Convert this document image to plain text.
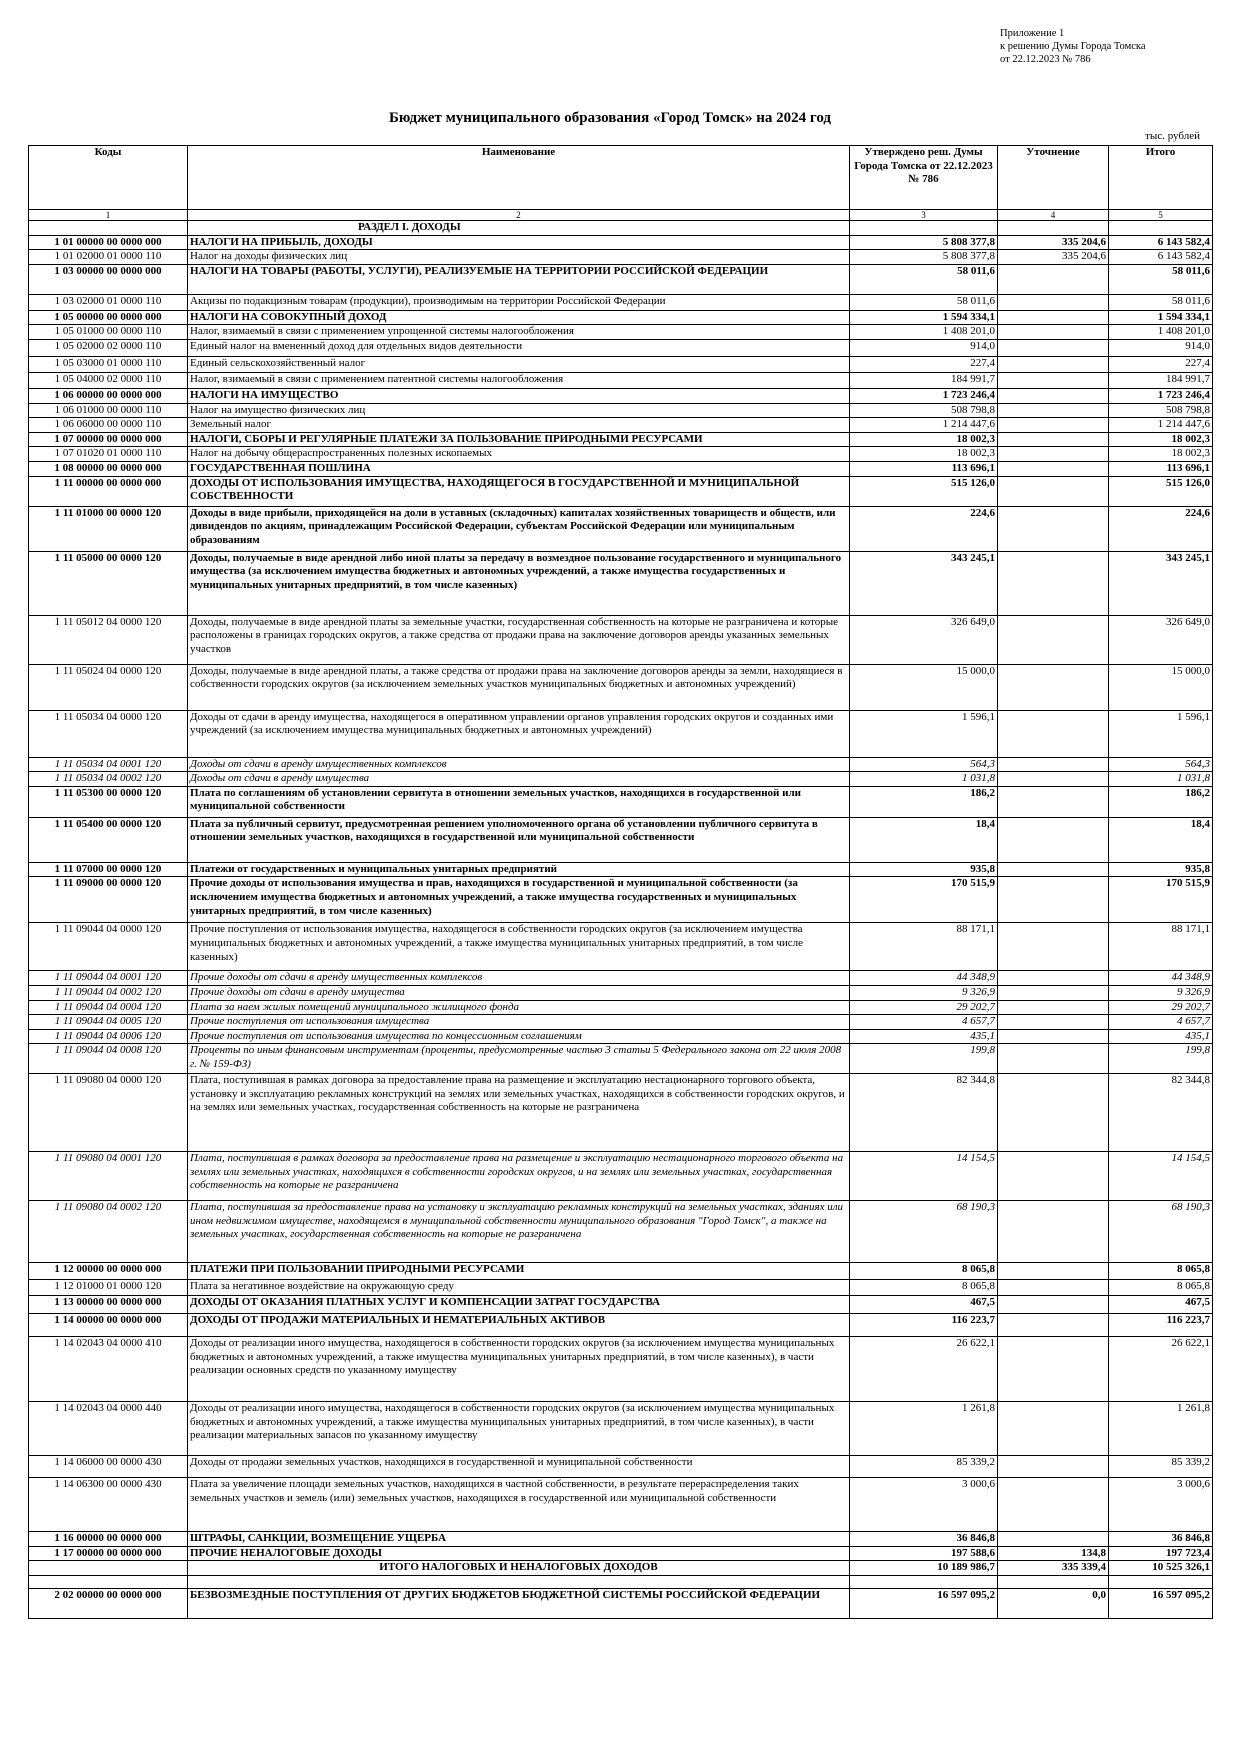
Приложение 1
к решению Думы Города Томска
от 22.12.2023 № 786
Бюджет муниципального образования «Город Томск» на 2024 год
тыс. рублей
Коды	Наименование	Утверждено реш. Думы Города Томска от 22.12.2023 № 786	Уточнение	Итого
1	2	3	4	5
	РАЗДЕЛ I. ДОХОДЫ			
1 01 00000 00 0000 000	НАЛОГИ НА ПРИБЫЛЬ, ДОХОДЫ	5 808 377,8	335 204,6	6 143 582,4
1 01 02000 01 0000 110	Налог на доходы физических лиц	5 808 377,8	335 204,6	6 143 582,4
1 03 00000 00 0000 000	НАЛОГИ НА ТОВАРЫ (РАБОТЫ, УСЛУГИ), РЕАЛИЗУЕМЫЕ НА ТЕРРИТОРИИ РОССИЙСКОЙ ФЕДЕРАЦИИ	58 011,6		58 011,6
1 03 02000 01 0000 110	Акцизы по подакцизным товарам (продукции), производимым на территории Российской Федерации	58 011,6		58 011,6
1 05 00000 00 0000 000	НАЛОГИ НА СОВОКУПНЫЙ ДОХОД	1 594 334,1		1 594 334,1
1 05 01000 00 0000 110	Налог, взимаемый в связи с применением упрощенной системы налогообложения	1 408 201,0		1 408 201,0
1 05 02000 02 0000 110	Единый налог на вмененный доход для отдельных видов деятельности	914,0		914,0
1 05 03000 01 0000 110	Единый сельскохозяйственный налог	227,4		227,4
1 05 04000 02 0000 110	Налог, взимаемый в связи с применением патентной системы налогообложения	184 991,7		184 991,7
1 06 00000 00 0000 000	НАЛОГИ НА ИМУЩЕСТВО	1 723 246,4		1 723 246,4
1 06 01000 00 0000 110	Налог на имущество физических лиц	508 798,8		508 798,8
1 06 06000 00 0000 110	Земельный налог	1 214 447,6		1 214 447,6
1 07 00000 00 0000 000	НАЛОГИ, СБОРЫ И РЕГУЛЯРНЫЕ ПЛАТЕЖИ ЗА ПОЛЬЗОВАНИЕ ПРИРОДНЫМИ РЕСУРСАМИ	18 002,3		18 002,3
1 07 01020 01 0000 110	Налог на добычу общераспространенных полезных ископаемых	18 002,3		18 002,3
1 08 00000 00 0000 000	ГОСУДАРСТВЕННАЯ ПОШЛИНА	113 696,1		113 696,1
1 11 00000 00 0000 000	ДОХОДЫ ОТ ИСПОЛЬЗОВАНИЯ ИМУЩЕСТВА, НАХОДЯЩЕГОСЯ В ГОСУДАРСТВЕННОЙ И МУНИЦИПАЛЬНОЙ СОБСТВЕННОСТИ	515 126,0		515 126,0
1 11 01000 00 0000 120	Доходы в виде прибыли, приходящейся на доли в уставных (складочных) капиталах хозяйственных товариществ и обществ, или дивидендов по акциям, принадлежащим Российской Федерации, субъектам Российской Федерации или муниципальным образованиям	224,6		224,6
1 11 05000 00 0000 120	Доходы, получаемые в виде арендной либо иной платы за передачу в возмездное пользование государственного и муниципального имущества (за исключением имущества бюджетных и автономных учреждений, а также имущества государственных и муниципальных унитарных предприятий, в том числе казенных)	343 245,1		343 245,1
1 11 05012 04 0000 120	Доходы, получаемые в виде арендной платы за земельные участки, государственная собственность на которые не разграничена и которые расположены в границах городских округов, а также средства от продажи права на заключение договоров аренды указанных земельных участков	326 649,0		326 649,0
1 11 05024 04 0000 120	Доходы, получаемые в виде арендной платы, а также средства от продажи права на заключение договоров аренды за земли, находящиеся в собственности городских округов (за исключением земельных участков муниципальных бюджетных и автономных учреждений)	15 000,0		15 000,0
1 11 05034 04 0000 120	Доходы от сдачи в аренду имущества, находящегося в оперативном управлении органов управления городских округов и созданных ими учреждений (за исключением имущества муниципальных бюджетных и автономных учреждений)	1 596,1		1 596,1
1 11 05034 04 0001 120	Доходы от сдачи в аренду имущественных комплексов	564,3		564,3
1 11 05034 04 0002 120	Доходы от сдачи в аренду имущества	1 031,8		1 031,8
1 11 05300 00 0000 120	Плата по соглашениям об установлении сервитута в отношении земельных участков, находящихся в государственной или муниципальной собственности	186,2		186,2
1 11 05400 00 0000 120	Плата за публичный сервитут, предусмотренная решением уполномоченного органа об установлении публичного сервитута в отношении земельных участков, находящихся в государственной или муниципальной собственности	18,4		18,4
1 11 07000 00 0000 120	Платежи от государственных и муниципальных унитарных предприятий	935,8		935,8
1 11 09000 00 0000 120	Прочие доходы от использования имущества и прав, находящихся в государственной и муниципальной собственности (за исключением имущества бюджетных и автономных учреждений, а также имущества государственных и муниципальных унитарных предприятий, в том числе казенных)	170 515,9		170 515,9
1 11 09044 04 0000 120	Прочие поступления от использования имущества, находящегося в собственности городских округов (за исключением имущества муниципальных бюджетных и автономных учреждений, а также имущества муниципальных унитарных предприятий, в том числе казенных)	88 171,1		88 171,1
1 11 09044 04 0001 120	Прочие доходы от сдачи в аренду имущественных комплексов	44 348,9		44 348,9
1 11 09044 04 0002 120	Прочие доходы от сдачи в аренду имущества	9 326,9		9 326,9
1 11 09044 04 0004 120	Плата за наем жилых помещений муниципального жилищного фонда	29 202,7		29 202,7
1 11 09044 04 0005 120	Прочие поступления от использования имущества	4 657,7		4 657,7
1 11 09044 04 0006 120	Прочие поступления от использования имущества по концессионным соглашениям	435,1		435,1
1 11 09044 04 0008 120	Проценты по иным финансовым инструментам (проценты, предусмотренные частью 3 статьи 5 Федерального закона от 22 июля 2008 г. № 159-ФЗ)	199,8		199,8
1 11 09080 04 0000 120	Плата, поступившая в рамках договора за предоставление права на размещение и эксплуатацию нестационарного торгового объекта, установку и эксплуатацию рекламных конструкций на землях или земельных участках, находящихся в собственности городских округов, и на землях или земельных участках, государственная собственность на которые не разграничена	82 344,8		82 344,8
1 11 09080 04 0001 120	Плата, поступившая в рамках договора за предоставление права на размещение и эксплуатацию нестационарного торгового объекта на землях или земельных участках, находящихся в собственности городских округов, и на землях или земельных участках, государственная собственность на которые не разграничена	14 154,5		14 154,5
1 11 09080 04 0002 120	Плата, поступившая за предоставление права на установку и эксплуатацию рекламных конструкций на земельных участках, зданиях или ином недвижимом имуществе, находящемся в муниципальной собственности муниципального образования "Город Томск", а также на земельных участках, государственная собственность на которые не разграничена	68 190,3		68 190,3
1 12 00000 00 0000 000	ПЛАТЕЖИ ПРИ ПОЛЬЗОВАНИИ ПРИРОДНЫМИ РЕСУРСАМИ	8 065,8		8 065,8
1 12 01000 01 0000 120	Плата за негативное воздействие на окружающую среду	8 065,8		8 065,8
1 13 00000 00 0000 000	ДОХОДЫ ОТ ОКАЗАНИЯ ПЛАТНЫХ УСЛУГ И КОМПЕНСАЦИИ ЗАТРАТ ГОСУДАРСТВА	467,5		467,5
1 14 00000 00 0000 000	ДОХОДЫ ОТ ПРОДАЖИ МАТЕРИАЛЬНЫХ И НЕМАТЕРИАЛЬНЫХ АКТИВОВ	116 223,7		116 223,7
1 14 02043 04 0000 410	Доходы от реализации иного имущества, находящегося в собственности городских округов (за исключением имущества муниципальных бюджетных и автономных учреждений, а также имущества муниципальных унитарных предприятий, в том числе казенных), в части реализации основных средств по указанному имуществу	26 622,1		26 622,1
1 14 02043 04 0000 440	Доходы от реализации иного имущества, находящегося в собственности городских округов (за исключением имущества муниципальных бюджетных и автономных учреждений, а также имущества муниципальных унитарных предприятий, в том числе казенных), в части реализации материальных запасов по указанному имуществу	1 261,8		1 261,8
1 14 06000 00 0000 430	Доходы от продажи земельных участков, находящихся в государственной и муниципальной собственности	85 339,2		85 339,2
1 14 06300 00 0000 430	Плата за увеличение площади земельных участков, находящихся в частной собственности, в результате перераспределения таких земельных участков и земель (или) земельных участков, находящихся в государственной или муниципальной собственности	3 000,6		3 000,6
1 16 00000 00 0000 000	ШТРАФЫ, САНКЦИИ, ВОЗМЕЩЕНИЕ УЩЕРБА	36 846,8		36 846,8
1 17 00000 00 0000 000	ПРОЧИЕ НЕНАЛОГОВЫЕ ДОХОДЫ	197 588,6	134,8	197 723,4
	ИТОГО НАЛОГОВЫХ И НЕНАЛОГОВЫХ ДОХОДОВ	10 189 986,7	335 339,4	10 525 326,1

2 02 00000 00 0000 000	БЕЗВОЗМЕЗДНЫЕ ПОСТУПЛЕНИЯ ОТ ДРУГИХ БЮДЖЕТОВ БЮДЖЕТНОЙ СИСТЕМЫ РОССИЙСКОЙ ФЕДЕРАЦИИ	16 597 095,2	0,0	16 597 095,2
